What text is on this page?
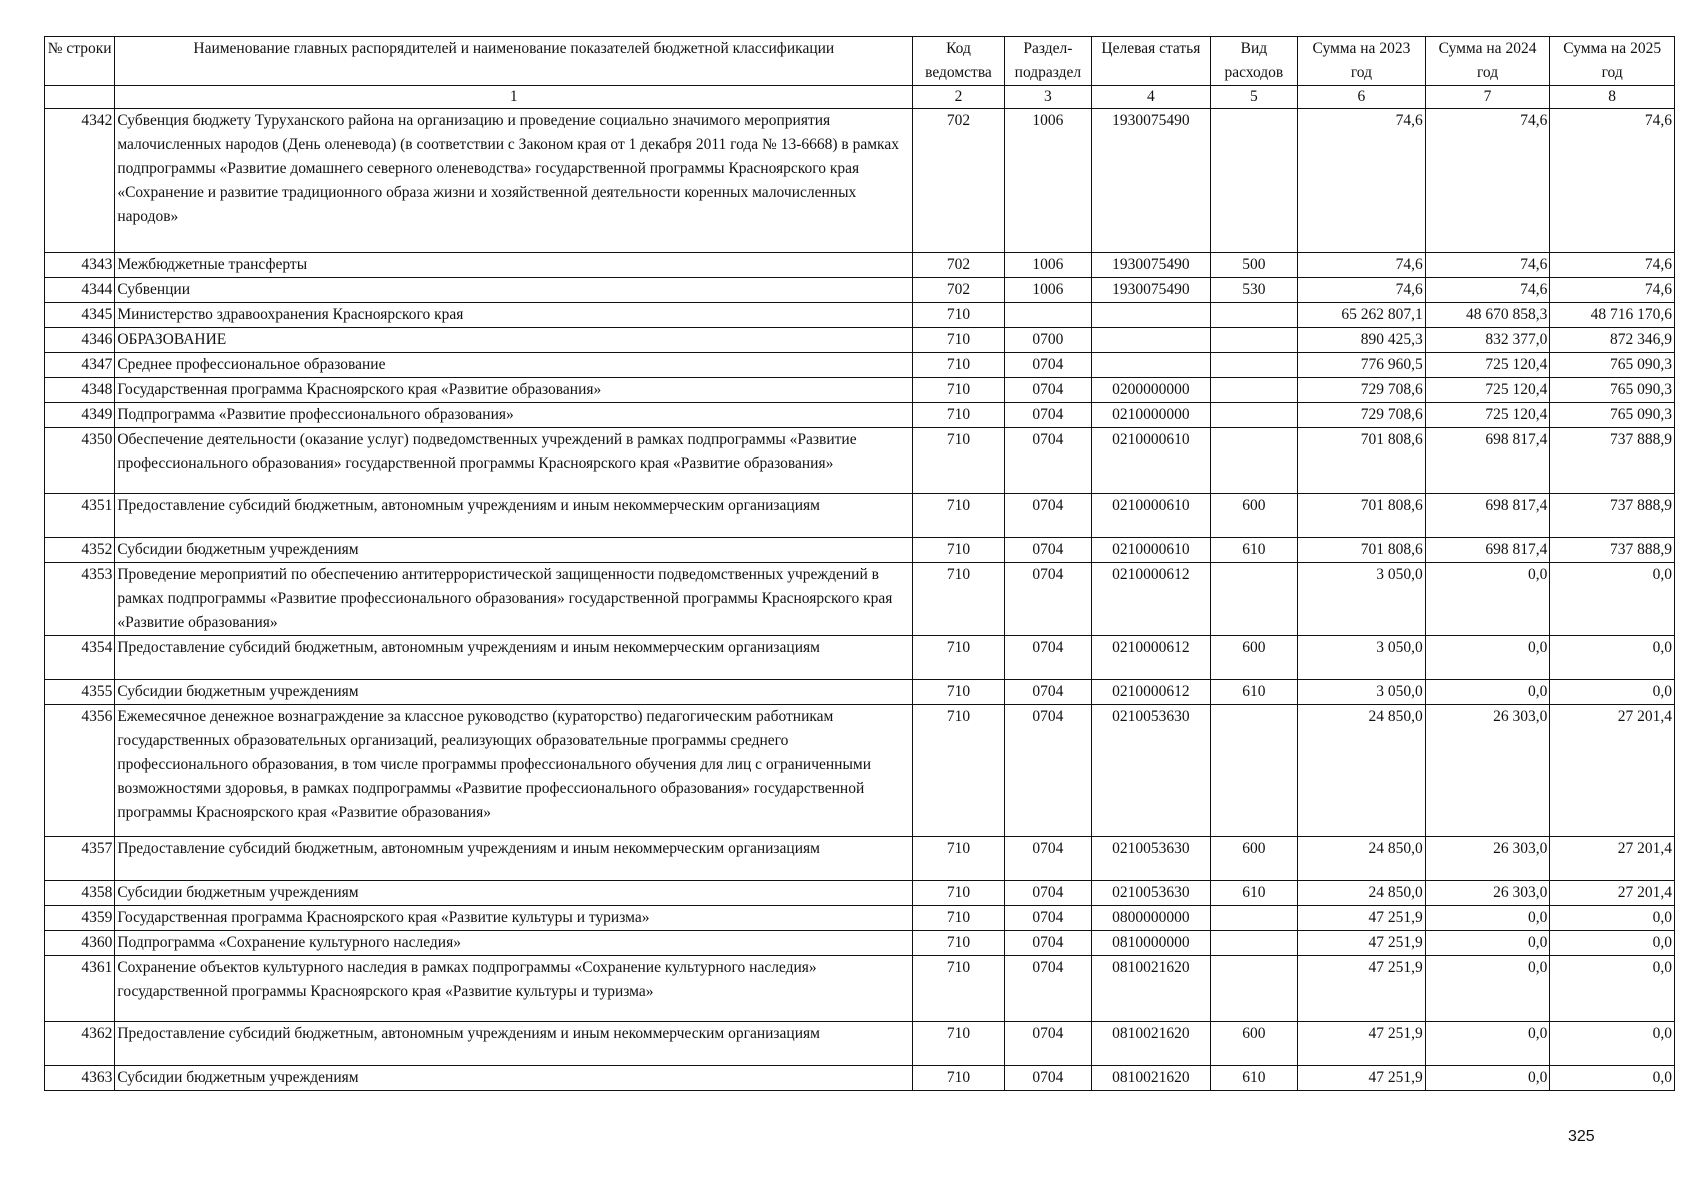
№ строки	Наименование главных распорядителей и наименование показателей бюджетной классификации	Код ведомства	Раздел-подраздел	Целевая статья	Вид расходов	Сумма на 2023 год	Сумма на 2024 год	Сумма на 2025 год
	1	2	3	4	5	6	7	8
4342	Субвенция бюджету Туруханского района на организацию и проведение социально значимого мероприятия малочисленных народов (День оленевода) (в соответствии с Законом края от 1 декабря 2011 года № 13-6668) в рамках подпрограммы «Развитие домашнего северного оленеводства» государственной программы Красноярского края «Сохранение и развитие традиционного образа жизни и хозяйственной деятельности коренных малочисленных народов»	702	1006	1930075490		74,6	74,6	74,6
4343	Межбюджетные трансферты	702	1006	1930075490	500	74,6	74,6	74,6
4344	Субвенции	702	1006	1930075490	530	74,6	74,6	74,6
4345	Министерство здравоохранения Красноярского края	710				65 262 807,1	48 670 858,3	48 716 170,6
4346	ОБРАЗОВАНИЕ	710	0700			890 425,3	832 377,0	872 346,9
4347	Среднее профессиональное образование	710	0704			776 960,5	725 120,4	765 090,3
4348	Государственная программа Красноярского края «Развитие образования»	710	0704	0200000000		729 708,6	725 120,4	765 090,3
4349	Подпрограмма «Развитие профессионального образования»	710	0704	0210000000		729 708,6	725 120,4	765 090,3
4350	Обеспечение деятельности (оказание услуг) подведомственных учреждений в рамках подпрограммы «Развитие профессионального образования» государственной программы Красноярского края «Развитие образования»	710	0704	0210000610		701 808,6	698 817,4	737 888,9
4351	Предоставление субсидий бюджетным, автономным учреждениям и иным некоммерческим организациям	710	0704	0210000610	600	701 808,6	698 817,4	737 888,9
4352	Субсидии бюджетным учреждениям	710	0704	0210000610	610	701 808,6	698 817,4	737 888,9
4353	Проведение мероприятий по обеспечению антитеррористической защищенности подведомственных учреждений в рамках подпрограммы «Развитие профессионального образования» государственной программы Красноярского края «Развитие образования»	710	0704	0210000612		3 050,0	0,0	0,0
4354	Предоставление субсидий бюджетным, автономным учреждениям и иным некоммерческим организациям	710	0704	0210000612	600	3 050,0	0,0	0,0
4355	Субсидии бюджетным учреждениям	710	0704	0210000612	610	3 050,0	0,0	0,0
4356	Ежемесячное денежное вознаграждение за классное руководство (кураторство) педагогическим работникам государственных образовательных организаций, реализующих образовательные программы среднего профессионального образования, в том числе программы профессионального обучения для лиц с ограниченными возможностями здоровья, в рамках подпрограммы «Развитие профессионального образования» государственной программы Красноярского края «Развитие образования»	710	0704	0210053630		24 850,0	26 303,0	27 201,4
4357	Предоставление субсидий бюджетным, автономным учреждениям и иным некоммерческим организациям	710	0704	0210053630	600	24 850,0	26 303,0	27 201,4
4358	Субсидии бюджетным учреждениям	710	0704	0210053630	610	24 850,0	26 303,0	27 201,4
4359	Государственная программа Красноярского края «Развитие культуры и туризма»	710	0704	0800000000		47 251,9	0,0	0,0
4360	Подпрограмма «Сохранение культурного наследия»	710	0704	0810000000		47 251,9	0,0	0,0
4361	Сохранение объектов культурного наследия в рамках подпрограммы «Сохранение культурного наследия» государственной программы Красноярского края «Развитие культуры и туризма»	710	0704	0810021620		47 251,9	0,0	0,0
4362	Предоставление субсидий бюджетным, автономным учреждениям и иным некоммерческим организациям	710	0704	0810021620	600	47 251,9	0,0	0,0
4363	Субсидии бюджетным учреждениям	710	0704	0810021620	610	47 251,9	0,0	0,0
325
